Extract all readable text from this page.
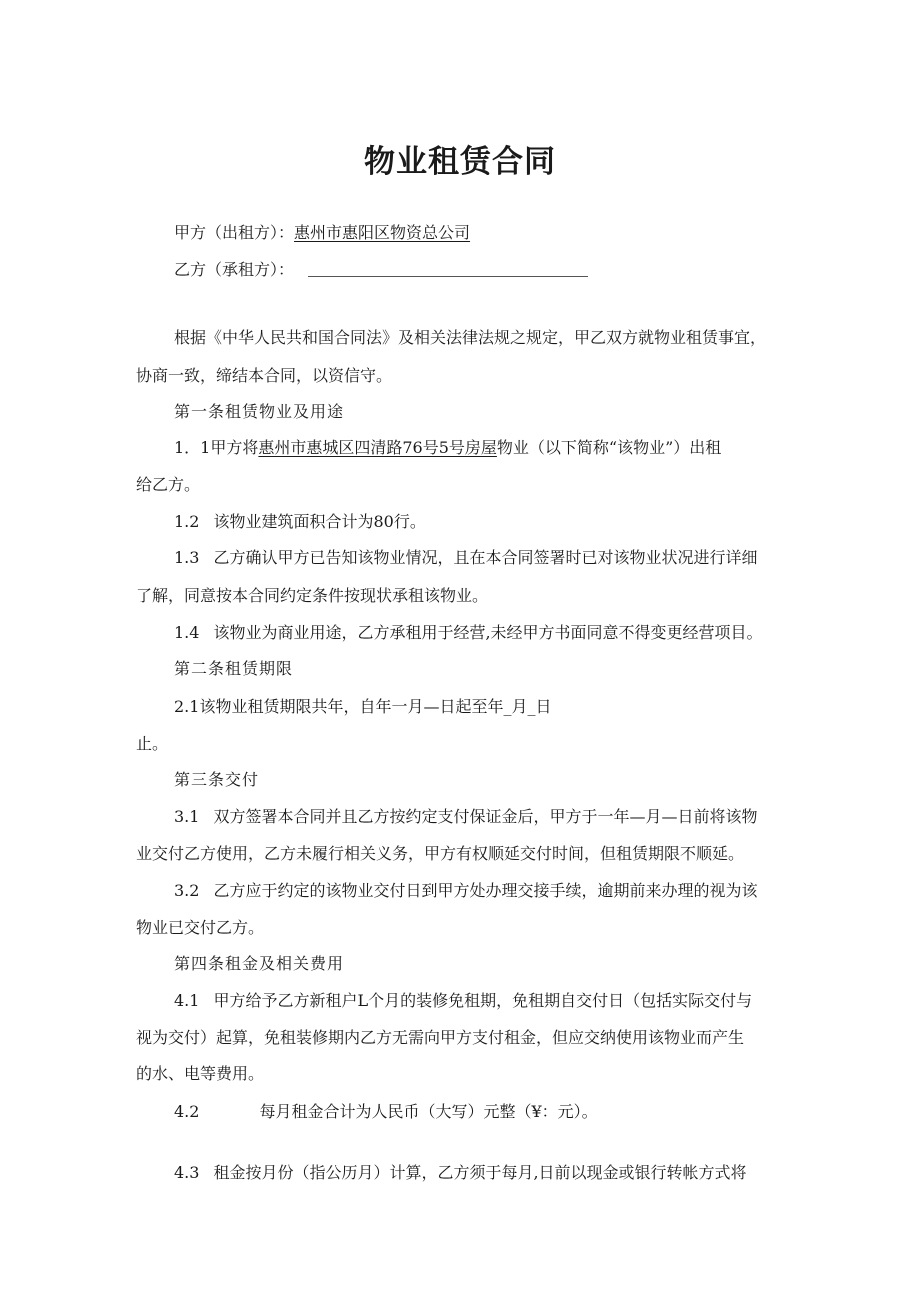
物业租赁合同
甲方（出租方）：惠州市惠阳区物资总公司
乙方（承租方）：
根据《中华人民共和国合同法》及相关法律法规之规定，甲乙双方就物业租赁事宜，
协商一致，缔结本合同，以资信守。
第一条租赁物业及用途
1．1甲方将惠州市惠城区四清路76号5号房屋物业（以下简称“该物业”）出租
给乙方。
1.2 该物业建筑面积合计为80行。
1.3 乙方确认甲方已告知该物业情况，且在本合同签署时已对该物业状况进行详细
了解，同意按本合同约定条件按现状承租该物业。
1.4 该物业为商业用途，乙方承租用于经营,未经甲方书面同意不得变更经营项目。
第二条租赁期限
2.1该物业租赁期限共年，自年一月—日起至年_月_日
止。
第三条交付
3.1 双方签署本合同并且乙方按约定支付保证金后，甲方于一年—月—日前将该物
业交付乙方使用，乙方未履行相关义务，甲方有权顺延交付时间，但租赁期限不顺延。
3.2 乙方应于约定的该物业交付日到甲方处办理交接手续，逾期前来办理的视为该
物业已交付乙方。
第四条租金及相关费用
4.1 甲方给予乙方新租户L个月的装修免租期，免租期自交付日（包括实际交付与
视为交付）起算，免租装修期内乙方无需向甲方支付租金，但应交纳使用该物业而产生
的水、电等费用。
4.2	每月租金合计为人民币（大写）元整（¥：元）。
4.3 租金按月份（指公历月）计算，乙方须于每月,日前以现金或银行转帐方式将
